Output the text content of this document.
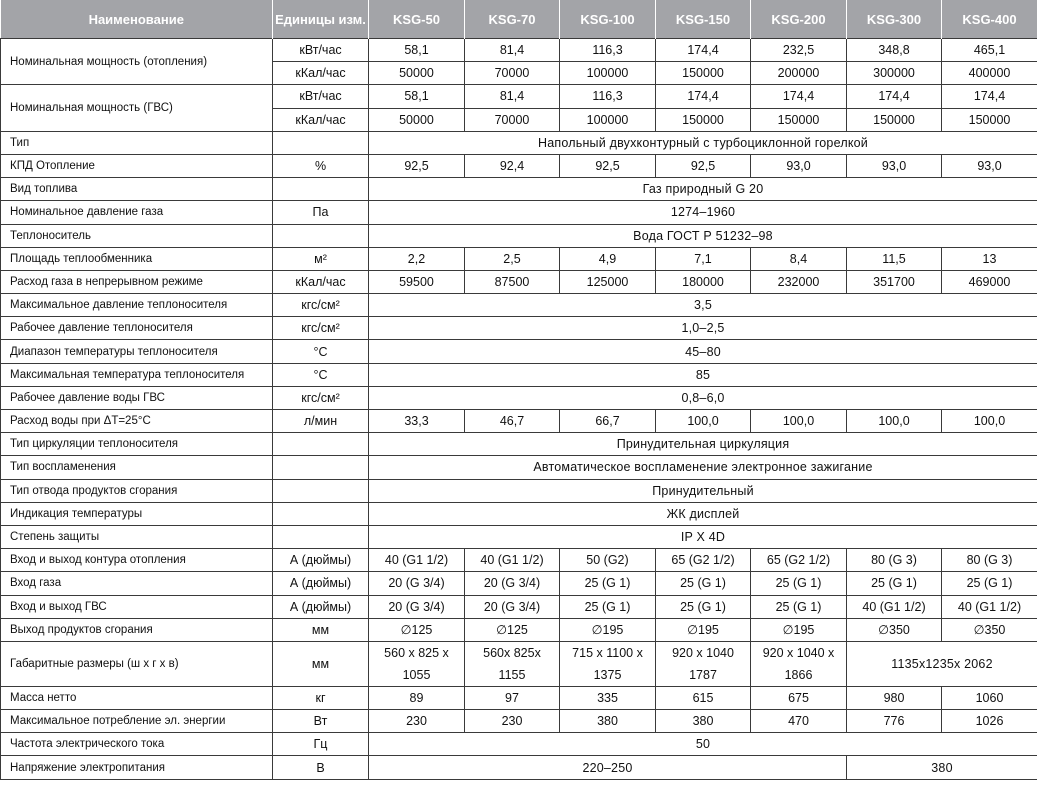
Наименование	Единицы изм.	KSG-50	KSG-70	KSG-100	KSG-150	KSG-200	KSG-300	KSG-400
Номинальная мощность (отопления)	кВт/час	58,1	81,4	116,3	174,4	232,5	348,8	465,1
	кКал/час	50000	70000	100000	150000	200000	300000	400000
Номинальная мощность (ГВС)	кВт/час	58,1	81,4	116,3	174,4	174,4	174,4	174,4
	кКал/час	50000	70000	100000	150000	150000	150000	150000
Тип		Напольный двухконтурный с турбоциклонной горелкой						
КПД Отопление	%	92,5	92,4	92,5	92,5	93,0	93,0	93,0
Вид топлива		Газ природный G 20						
Номинальное давление газа	Па	1274–1960						
Теплоноситель		Вода ГОСТ Р 51232–98						
Площадь теплообменника	м²	2,2	2,5	4,9	7,1	8,4	11,5	13
Расход газа в непрерывном режиме	кКал/час	59500	87500	125000	180000	232000	351700	469000
Максимальное давление теплоносителя	кгс/см²	3,5						
Рабочее давление теплоносителя	кгс/см²	1,0–2,5						
Диапазон температуры теплоносителя	°С	45–80						
Максимальная температура теплоносителя	°С	85						
Рабочее давление воды ГВС	кгс/см²	0,8–6,0						
Расход воды при ΔТ=25°С	л/мин	33,3	46,7	66,7	100,0	100,0	100,0	100,0
Тип циркуляции теплоносителя		Принудительная циркуляция						
Тип воспламенения		Автоматическое воспламенение электронное зажигание						
Тип отвода продуктов сгорания		Принудительный						
Индикация температуры		ЖК дисплей						
Степень защиты		IP X 4D						
Вход и выход контура отопления	А (дюймы)	40 (G1 1/2)	40 (G1 1/2)	50 (G2)	65 (G2 1/2)	65 (G2 1/2)	80 (G 3)	80 (G 3)
Вход газа	А (дюймы)	20 (G 3/4)	20 (G 3/4)	25 (G 1)	25 (G 1)	25 (G 1)	25 (G 1)	25 (G 1)
Вход и выход ГВС	А (дюймы)	20 (G 3/4)	20 (G 3/4)	25 (G 1)	25 (G 1)	25 (G 1)	40 (G1 1/2)	40 (G1 1/2)
Выход продуктов сгорания	мм	∅125	∅125	∅195	∅195	∅195	∅350	∅350
Габаритные размеры (ш х г х в)	мм	560 х 825 х 1055	560х 825х 1155	715 х 1100 х 1375	920 х 1040 1787	920 х 1040 х 1866	1135х1235х 2062	
Масса нетто	кг	89	97	335	615	675	980	1060
Максимальное потребление эл. энергии	Вт	230	230	380	380	470	776	1026
Частота электрического тока	Гц	50						
Напряжение электропитания	В	220–250					380	
